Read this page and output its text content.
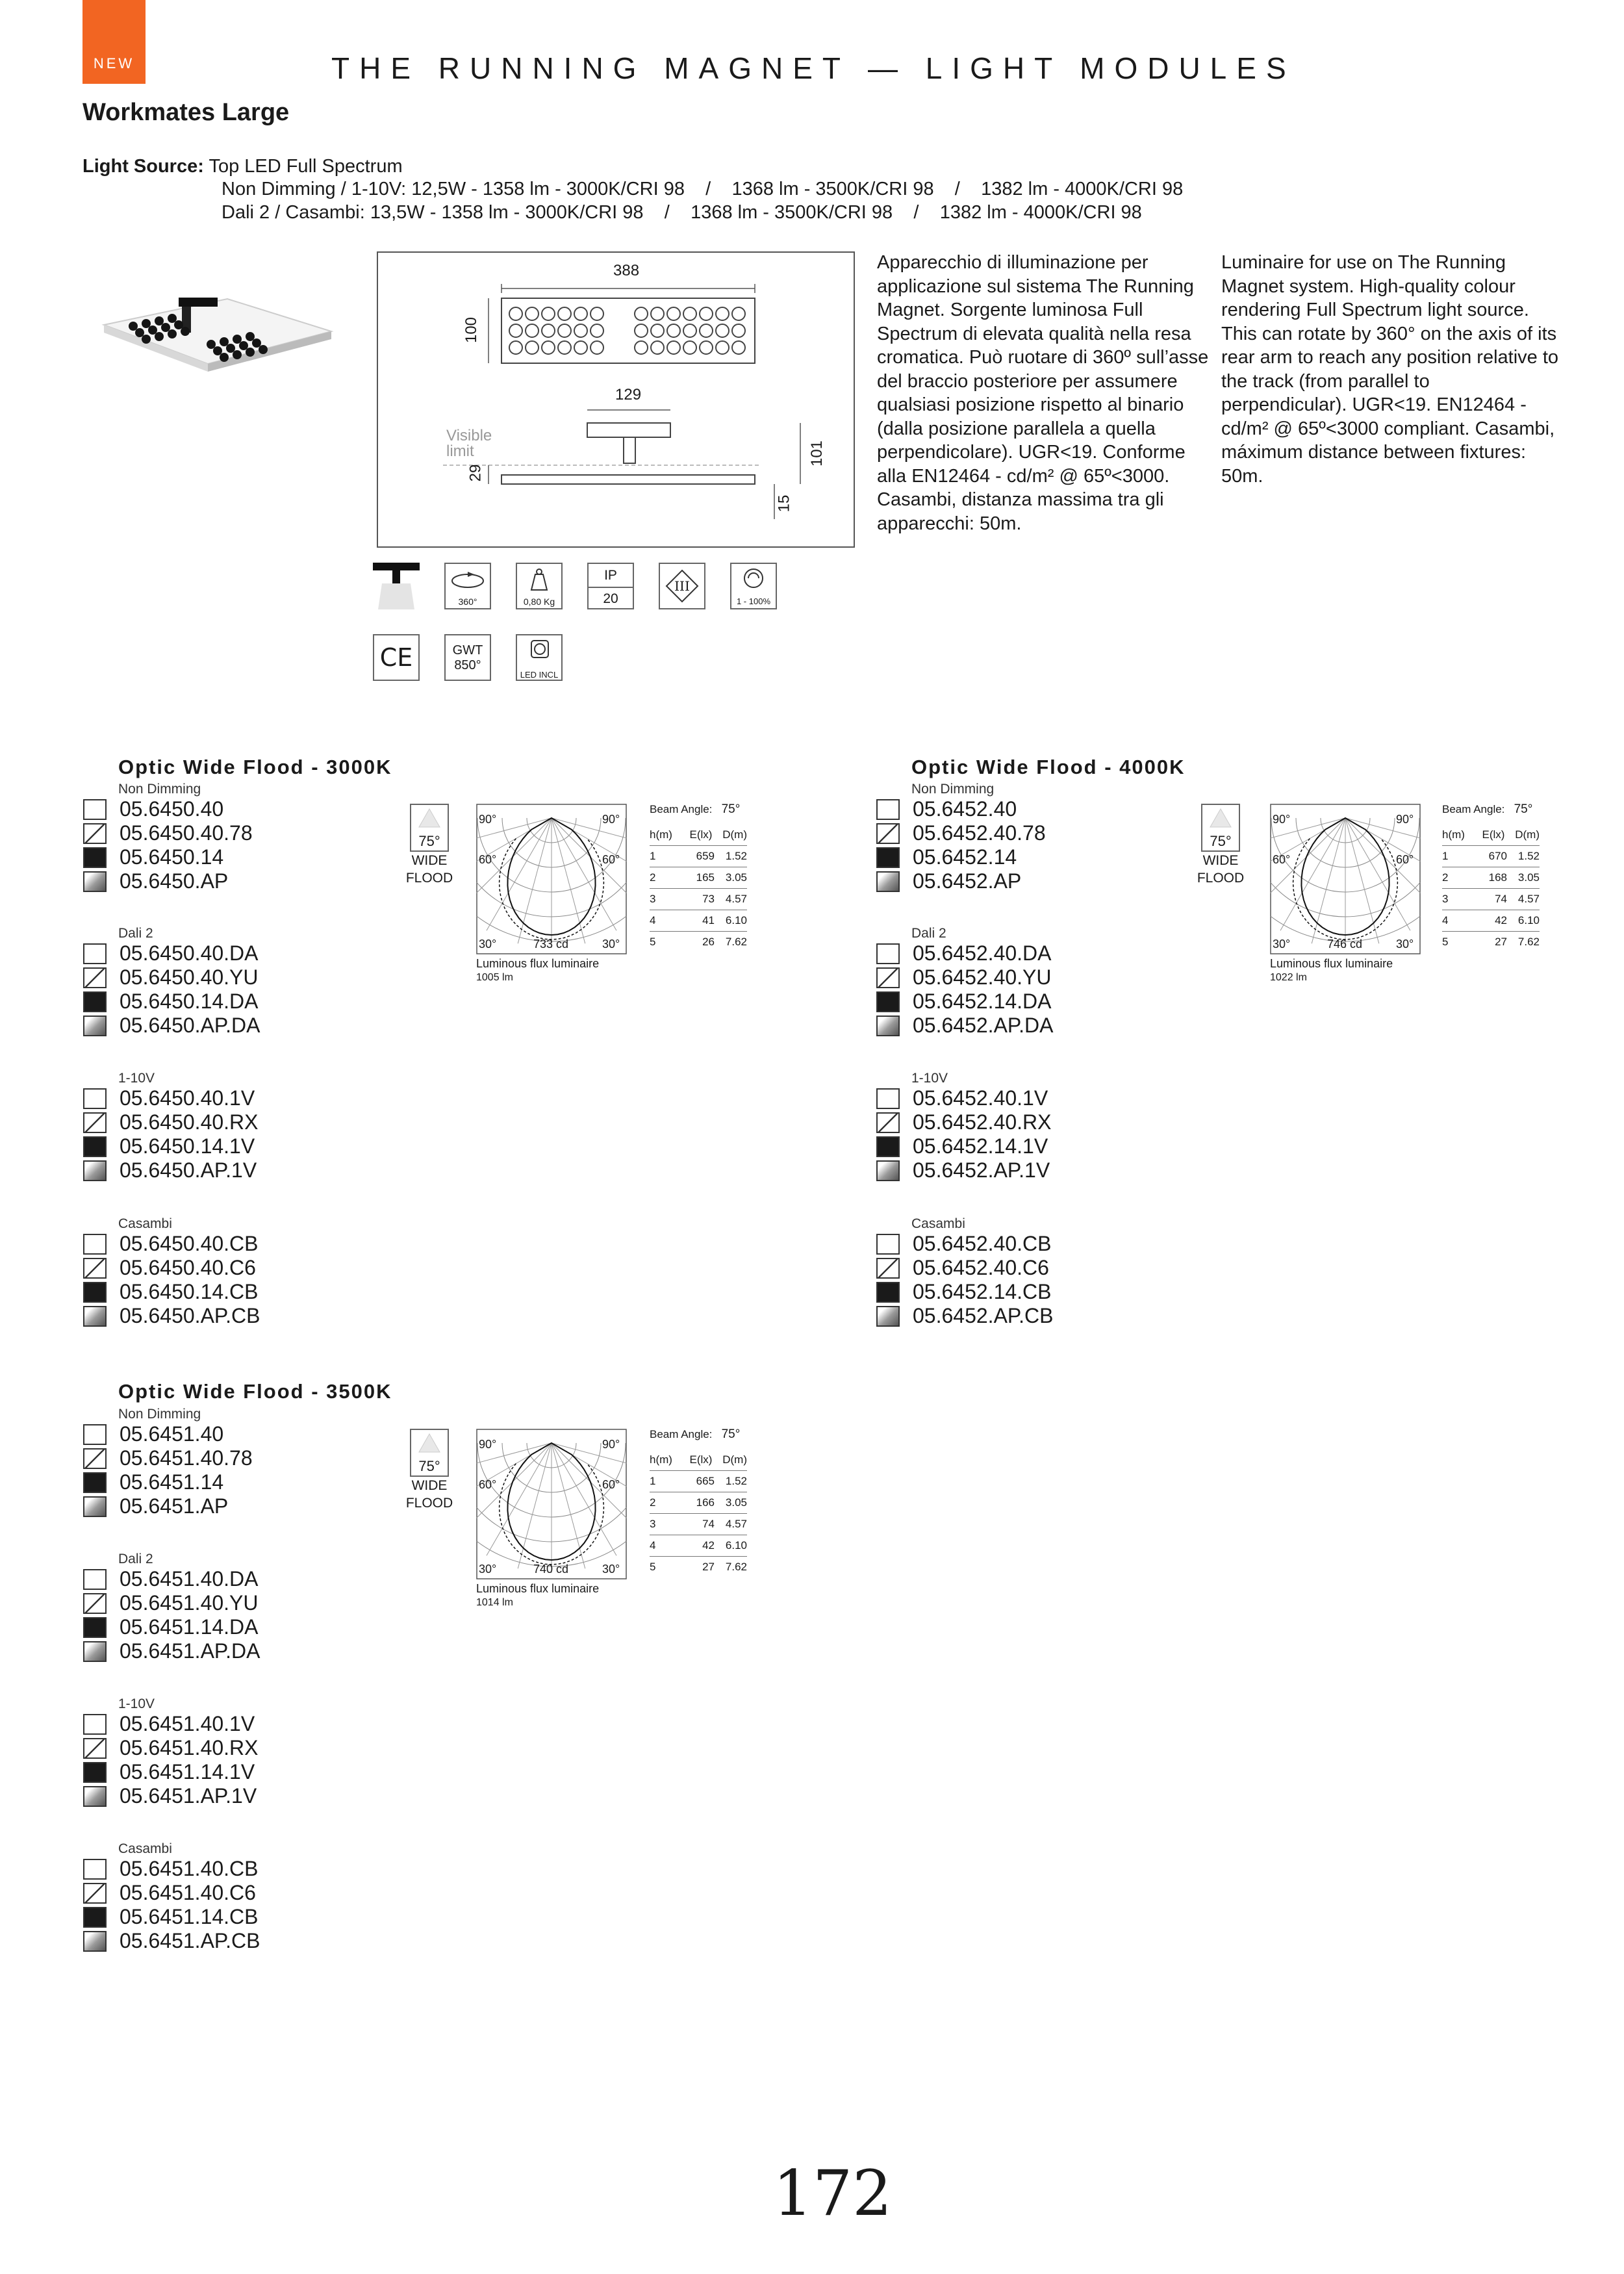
NEW	THE RUNNING MAGNET — LIGHT MODULES
Workmates Large
Light Source: Top LED Full Spectrum
Non Dimming / 1-10V: 12,5W - 1358 lm - 3000K/CRI 98    /    1368 lm - 3500K/CRI 98    /    1382 lm - 4000K/CRI 98
Dali 2 / Casambi: 13,5W - 1358 lm - 3000K/CRI 98    /    1368 lm - 3500K/CRI 98    /    1382 lm - 4000K/CRI 98
388
100
129
Visible
limit
29
101
15
Apparecchio di illuminazione per applicazione sul sistema The Running Magnet. Sorgente luminosa Full Spectrum di elevata qualità nella resa cromatica. Può ruotare di 360º sull’asse del braccio posteriore per assumere qualsiasi posizione rispetto al binario (dalla posizione parallela a quella perpendicolare). UGR<19. Conforme alla EN12464 - cd/m² @ 65º<3000. Casambi, distanza massima tra gli apparecchi: 50m.
Luminaire for use on The Running Magnet system. High-quality colour rendering Full Spectrum light source. This can rotate by 360° on the axis of its rear arm to reach any position relative to the track (from parallel to perpendicular). UGR<19. EN12464 - cd/m² @ 65º<3000 compliant. Casambi, máximum distance between fixtures: 50m.
360°	0,80 Kg
IP
20
III
1 - 100%
CE	GWT
850°
LED INCL
Optic Wide Flood - 3000K
Non Dimming
05.6450.40
05.6450.40.78
05.6450.14
05.6450.AP
Dali 2
05.6450.40.DA
05.6450.40.YU
05.6450.14.DA
05.6450.AP.DA
1-10V
05.6450.40.1V
05.6450.40.RX
05.6450.14.1V
05.6450.AP.1V
Casambi
05.6450.40.CB
05.6450.40.C6
05.6450.14.CB
05.6450.AP.CB
75°
WIDE
FLOOD
90°	90°
60°	60°
30°	733 cd	30°
Luminous flux luminaire
1005 lm
Beam Angle: 75°
h(m)	E(lx)	D(m)
1	659	1.52
2	165	3.05
3	73	4.57
4	41	6.10
5	26	7.62
Optic Wide Flood - 4000K
Non Dimming
05.6452.40
05.6452.40.78
05.6452.14
05.6452.AP
Dali 2
05.6452.40.DA
05.6452.40.YU
05.6452.14.DA
05.6452.AP.DA
1-10V
05.6452.40.1V
05.6452.40.RX
05.6452.14.1V
05.6452.AP.1V
Casambi
05.6452.40.CB
05.6452.40.C6
05.6452.14.CB
05.6452.AP.CB
75°
WIDE
FLOOD
90°	90°
60°	60°
30°	746 cd	30°
Luminous flux luminaire
1022 lm
Beam Angle: 75°
h(m)	E(lx)	D(m)
1	670	1.52
2	168	3.05
3	74	4.57
4	42	6.10
5	27	7.62
Optic Wide Flood - 3500K
Non Dimming
05.6451.40
05.6451.40.78
05.6451.14
05.6451.AP
Dali 2
05.6451.40.DA
05.6451.40.YU
05.6451.14.DA
05.6451.AP.DA
1-10V
05.6451.40.1V
05.6451.40.RX
05.6451.14.1V
05.6451.AP.1V
Casambi
05.6451.40.CB
05.6451.40.C6
05.6451.14.CB
05.6451.AP.CB
75°
WIDE
FLOOD
90°	90°
60°	60°
30°	740 cd	30°
Luminous flux luminaire
1014 lm
Beam Angle: 75°
h(m)	E(lx)	D(m)
1	665	1.52
2	166	3.05
3	74	4.57
4	42	6.10
5	27	7.62
172
